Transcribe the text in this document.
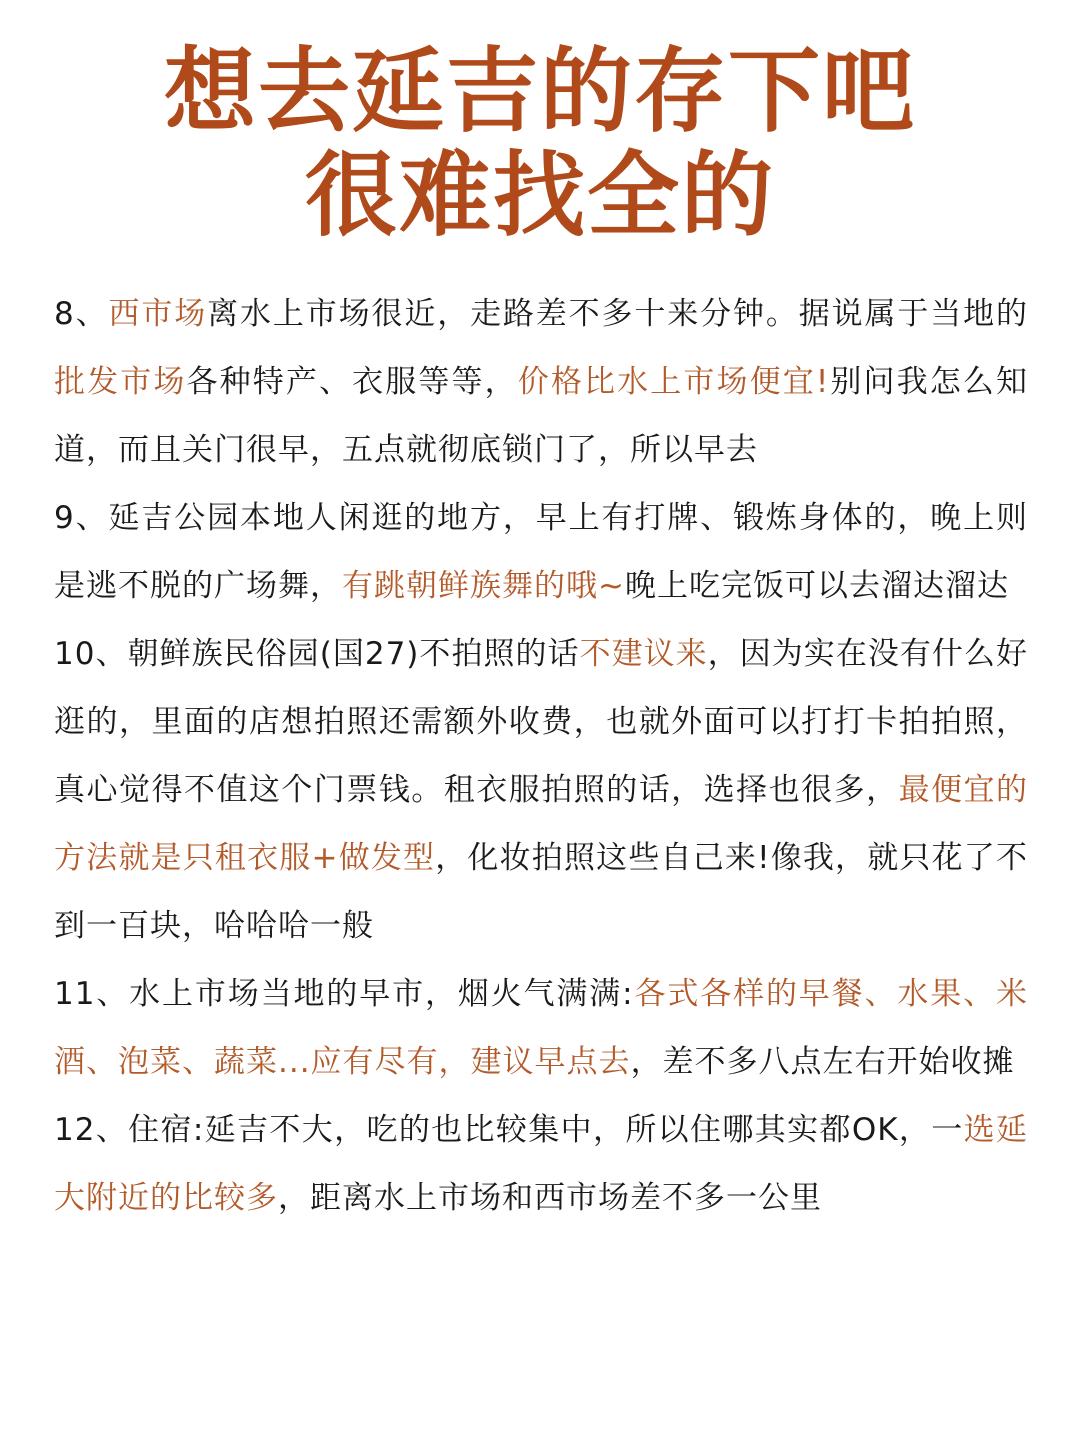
想去延吉的存下吧
很难找全的

8、西市场离水上市场很近，走路差不多十来分钟。据说属于当地的批发市场各种特产、衣服等等，价格比水上市场便宜!别问我怎么知道，而且关门很早，五点就彻底锁门了，所以早去

9、延吉公园本地人闲逛的地方，早上有打牌、锻炼身体的，晚上则是逃不脱的广场舞，有跳朝鲜族舞的哦~晚上吃完饭可以去溜达溜达

10、朝鲜族民俗园(国27)不拍照的话不建议来，因为实在没有什么好逛的，里面的店想拍照还需额外收费，也就外面可以打打卡拍拍照，真心觉得不值这个门票钱。租衣服拍照的话，选择也很多，最便宜的方法就是只租衣服+做发型，化妆拍照这些自己来!像我，就只花了不到一百块，哈哈哈一般

11、水上市场当地的早市，烟火气满满:各式各样的早餐、水果、米酒、泡菜、蔬菜...应有尽有，建议早点去，差不多八点左右开始收摊

12、住宿:延吉不大，吃的也比较集中，所以住哪其实都OK，一选延大附近的比较多，距离水上市场和西市场差不多一公里
